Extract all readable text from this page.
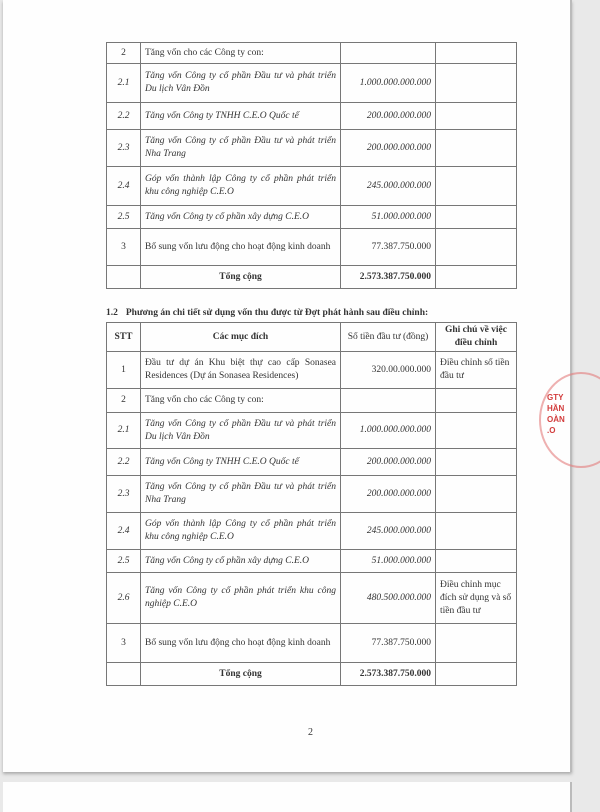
2	Tăng vốn cho các Công ty con:		
2.1	Tăng vốn Công ty cổ phần Đầu tư và phát triển Du lịch Vân Đồn	1.000.000.000.000	
2.2	Tăng vốn Công ty TNHH C.E.O Quốc tế	200.000.000.000	
2.3	Tăng vốn Công ty cổ phần Đầu tư và phát triển Nha Trang	200.000.000.000	
2.4	Góp vốn thành lập Công ty cổ phần phát triển khu công nghiệp C.E.O	245.000.000.000	
2.5	Tăng vốn Công ty cổ phần xây dựng C.E.O	51.000.000.000	
3	Bổ sung vốn lưu động cho hoạt động kinh doanh	77.387.750.000	
	Tổng cộng	2.573.387.750.000	
1.2 Phương án chi tiết sử dụng vốn thu được từ Đợt phát hành sau điều chỉnh:
STT	Các mục đích	Số tiền đầu tư (đồng)	Ghi chú về việc điều chỉnh
1	Đầu tư dự án Khu biệt thự cao cấp Sonasea Residences (Dự án Sonasea Residences)	320.00.000.000	Điều chỉnh số tiền đầu tư
2	Tăng vốn cho các Công ty con:		
2.1	Tăng vốn Công ty cổ phần Đầu tư và phát triển Du lịch Vân Đồn	1.000.000.000.000	
2.2	Tăng vốn Công ty TNHH C.E.O Quốc tế	200.000.000.000	
2.3	Tăng vốn Công ty cổ phần Đầu tư và phát triển Nha Trang	200.000.000.000	
2.4	Góp vốn thành lập Công ty cổ phần phát triển khu công nghiệp C.E.O	245.000.000.000	
2.5	Tăng vốn Công ty cổ phần xây dựng C.E.O	51.000.000.000	
2.6	Tăng vốn Công ty cổ phần phát triển khu công nghiệp C.E.O	480.500.000.000	Điều chỉnh mục đích sử dụng và số tiền đầu tư
3	Bổ sung vốn lưu động cho hoạt động kinh doanh	77.387.750.000	
	Tổng cộng	2.573.387.750.000	
2
GTY
HẦN
OÀN
.O
